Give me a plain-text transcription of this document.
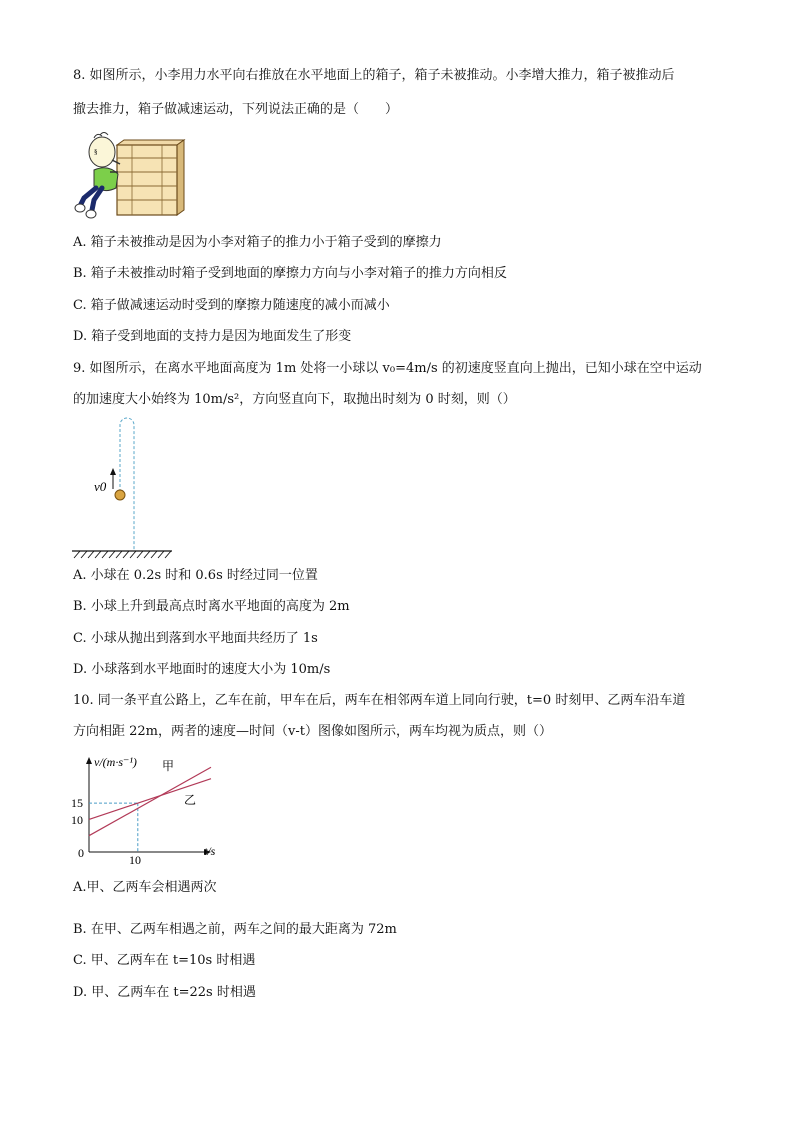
8. 如图所示，小李用力水平向右推放在水平地面上的箱子，箱子未被推动。小李增大推力，箱子被推动后
撤去推力，箱子做减速运动，下列说法正确的是（　　）
§
A. 箱子未被推动是因为小李对箱子的推力小于箱子受到的摩擦力
B. 箱子未被推动时箱子受到地面的摩擦力方向与小李对箱子的推力方向相反
C. 箱子做减速运动时受到的摩擦力随速度的减小而减小
D. 箱子受到地面的支持力是因为地面发生了形变
9. 如图所示，在离水平地面高度为 1m 处将一小球以 v₀=4m/s 的初速度竖直向上抛出，已知小球在空中运动
的加速度大小始终为 10m/s²，方向竖直向下，取抛出时刻为 0 时刻，则（）
v0
A. 小球在 0.2s 时和 0.6s 时经过同一位置
B. 小球上升到最高点时离水平地面的高度为 2m
C. 小球从抛出到落到水平地面共经历了 1s
D. 小球落到水平地面时的速度大小为 10m/s
10. 同一条平直公路上，乙车在前，甲车在后，两车在相邻两车道上同向行驶，t=0 时刻甲、乙两车沿车道
方向相距 22m，两者的速度—时间（v-t）图像如图所示，两车均视为质点，则（）
v/(m·s⁻¹)
t/s
0	10
10
15
甲
乙
A.甲、乙两车会相遇两次
B. 在甲、乙两车相遇之前，两车之间的最大距离为 72m
C. 甲、乙两车在 t=10s 时相遇
D. 甲、乙两车在 t=22s 时相遇
